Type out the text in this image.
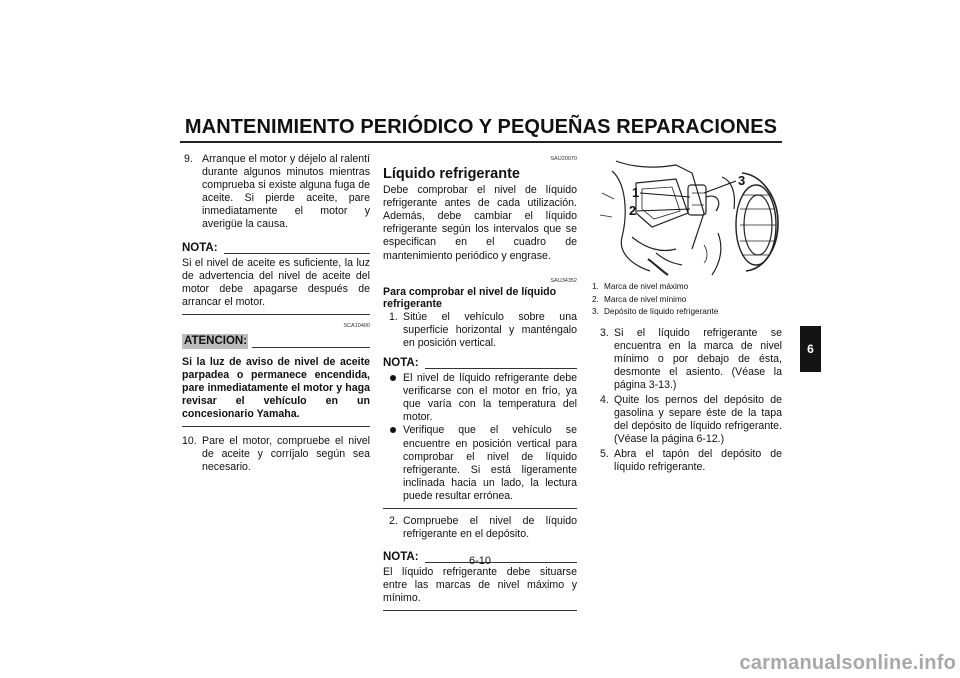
MANTENIMIENTO PERIÓDICO Y PEQUEÑAS REPARACIONES
9. Arranque el motor y déjelo al ralentí durante algunos minutos mientras comprueba si existe alguna fuga de aceite. Si pierde aceite, pare inmediatamente el motor y averigüe la causa.

NOTA:

Si el nivel de aceite es suficiente, la luz de advertencia del nivel de aceite del motor debe apagarse después de arrancar el motor.

SCA10400
ATENCION:

Si la luz de aviso de nivel de aceite parpadea o permanece encendida, pare inmediatamente el motor y haga revisar el vehículo en un concesionario Yamaha.

10. Pare el motor, compruebe el nivel de aceite y corríjalo según sea necesario.

SAU20070
Líquido refrigerante

Debe comprobar el nivel de líquido refrigerante antes de cada utilización. Además, debe cambiar el líquido refrigerante según los intervalos que se especifican en el cuadro de mantenimiento periódico y engrase.

SAU34352
Para comprobar el nivel de líquido refrigerante
1. Sitúe el vehículo sobre una superficie horizontal y manténgalo en posición vertical.

NOTA:

El nivel de líquido refrigerante debe verificarse con el motor en frío, ya que varía con la temperatura del motor.

Verifique que el vehículo se encuentre en posición vertical para comprobar el nivel de líquido refrigerante. Si está ligeramente inclinada hacia un lado, la lectura puede resultar errónea.

2. Compruebe el nivel de líquido refrigerante en el depósito.

NOTA:

El líquido refrigerante debe situarse entre las marcas de nivel máximo y mínimo.

1
2
3
1. Marca de nivel máximo
2. Marca de nivel mínimo
3. Depósito de líquido refrigerante
3. Si el líquido refrigerante se encuentra en la marca de nivel mínimo o por debajo de ésta, desmonte el asiento. (Véase la página 3-13.)

4. Quite los pernos del depósito de gasolina y separe éste de la tapa del depósito de líquido refrigerante. (Véase la página 6-12.)

5. Abra el tapón del depósito de líquido refrigerante.

6
6-10
carmanualsonline.info
